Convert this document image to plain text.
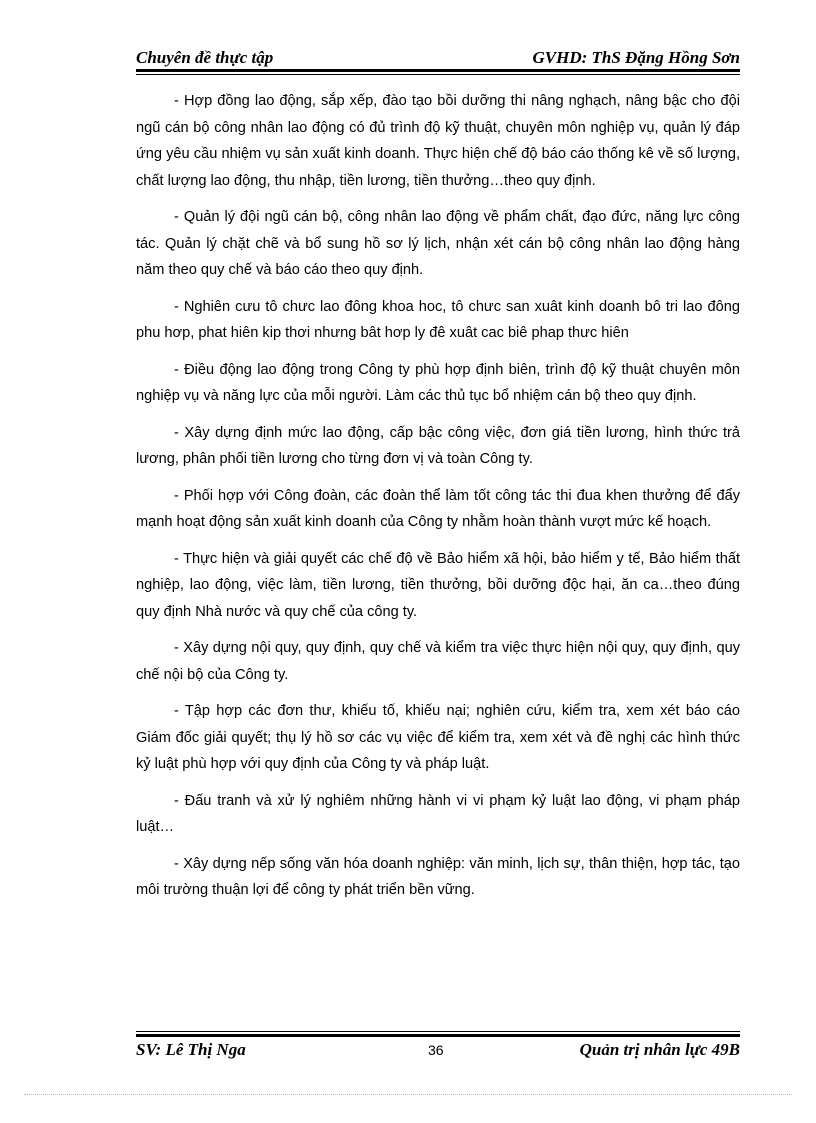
Chuyên đề thực tập	GVHD: ThS Đặng Hồng Sơn

- Hợp đồng lao động, sắp xếp, đào tạo bồi dưỡng thi nâng nghạch, nâng bậc cho đội ngũ cán bộ công nhân lao động có đủ trình độ kỹ thuật, chuyên môn nghiệp vụ, quản lý đáp ứng yêu cầu nhiệm vụ sản xuất kinh doanh. Thực hiện chế độ báo cáo thống kê về số lượng, chất lượng lao động, thu nhập, tiền lương, tiền thưởng…theo quy định.

- Quản lý đội ngũ cán bộ, công nhân lao động về phẩm chất, đạo đức, năng lực công tác. Quản lý chặt chẽ và bổ sung hồ sơ lý lịch, nhận xét cán bộ công nhân lao động hàng năm theo quy chế và báo cáo theo quy định.

- Nghiên cưu tô chưc lao đông khoa hoc, tô chưc san xuât kinh doanh bô tri lao đông phu hơp, phat hiên kip thơi nhưng bât hơp ly đê xuât cac biê phap thưc hiên

- Điều động lao động trong Công ty phù hợp định biên, trình độ kỹ thuật chuyên môn nghiệp vụ và năng lực của mỗi người. Làm các thủ tục bổ nhiệm cán bộ theo quy định.

- Xây dựng định mức lao động, cấp bậc công việc, đơn giá tiền lương, hình thức trả lương, phân phối tiền lương cho từng đơn vị và toàn Công ty.

- Phối hợp với Công đoàn, các đoàn thể làm tốt công tác thi đua khen thưởng để đẩy mạnh hoạt động sản xuất kinh doanh của Công ty nhằm hoàn thành vượt mức kế hoạch.

- Thực hiện và giải quyết các chế độ về Bảo hiểm xã hội, bảo hiểm y tế, Bảo hiểm thất nghiệp, lao động, việc làm, tiền lương, tiền thưởng, bồi dưỡng độc hại, ăn ca…theo đúng quy định Nhà nước và quy chế của công ty.

- Xây dựng nội quy, quy định, quy chế và kiểm tra việc thực hiện nội quy, quy định, quy chế nội bộ của Công ty.

- Tập hợp các đơn thư, khiếu tố, khiếu nại; nghiên cứu, kiểm tra, xem xét báo cáo Giám đốc giải quyết; thụ lý hồ sơ các vụ việc để kiểm tra, xem xét và đề nghị các hình thức kỷ luật phù hợp với quy định của Công ty và pháp luật.

- Đấu tranh và xử lý nghiêm những hành vi vi phạm kỷ luật lao động, vi phạm pháp luật…

- Xây dựng nếp sống văn hóa doanh nghiệp: văn minh, lịch sự, thân thiện, hợp tác, tạo môi trường thuận lợi để công ty phát triển bền vững.

SV: Lê Thị Nga	36	Quản trị nhân lực 49B
